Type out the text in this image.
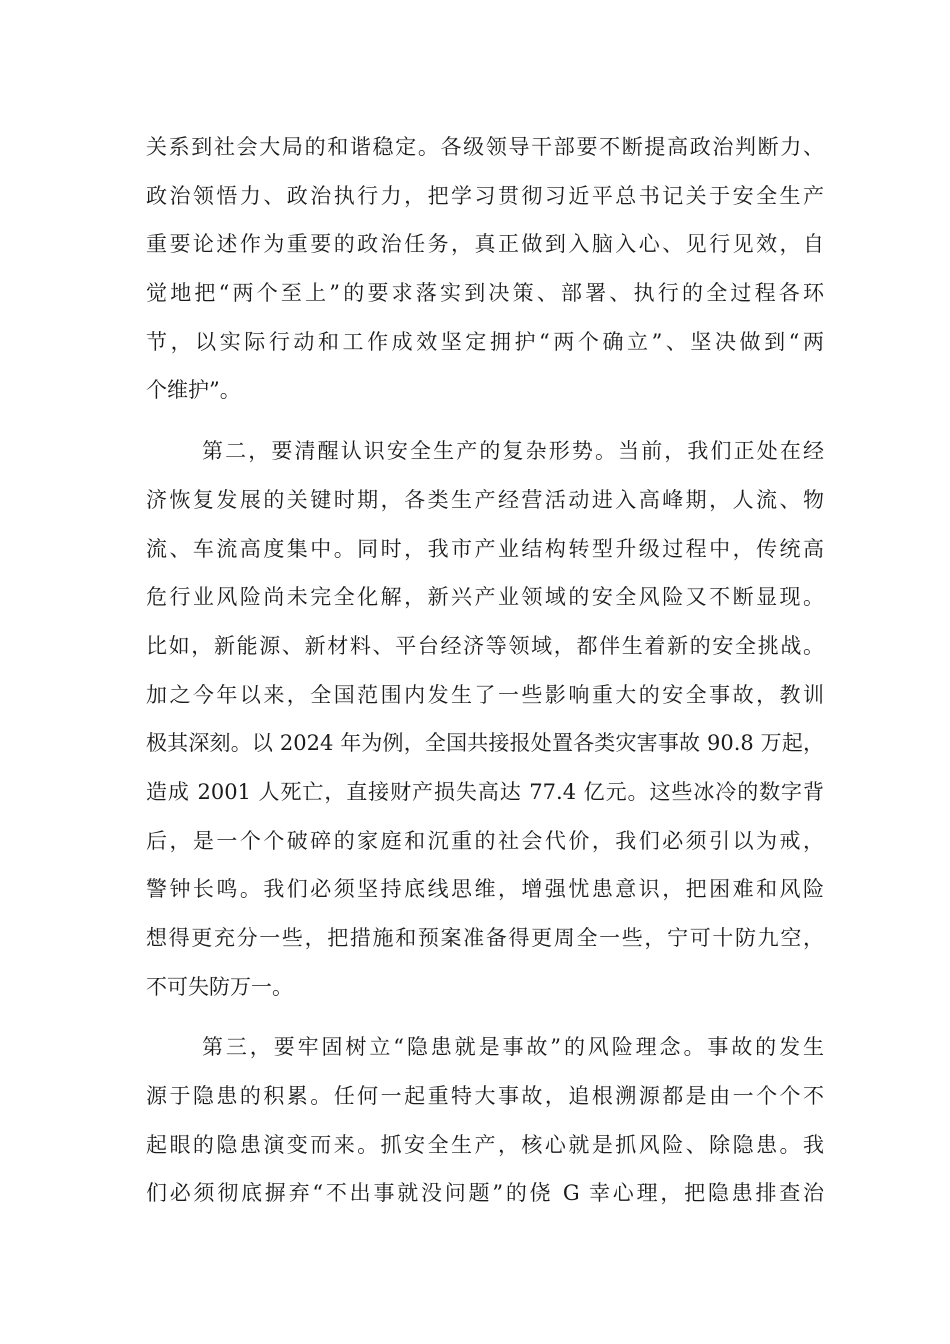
关系到社会大局的和谐稳定。各级领导干部要不断提高政治判断力、
政治领悟力、政治执行力，把学习贯彻习近平总书记关于安全生产
重要论述作为重要的政治任务，真正做到入脑入心、见行见效，自
觉地把“两个至上”的要求落实到决策、部署、执行的全过程各环
节，以实际行动和工作成效坚定拥护“两个确立”、坚决做到“两
个维护”。
第二，要清醒认识安全生产的复杂形势。当前，我们正处在经
济恢复发展的关键时期，各类生产经营活动进入高峰期，人流、物
流、车流高度集中。同时，我市产业结构转型升级过程中，传统高
危行业风险尚未完全化解，新兴产业领域的安全风险又不断显现。
比如，新能源、新材料、平台经济等领域，都伴生着新的安全挑战。
加之今年以来，全国范围内发生了一些影响重大的安全事故，教训
极其深刻。以 2024 年为例，全国共接报处置各类灾害事故 90.8 万起，
造成 2001 人死亡，直接财产损失高达 77.4 亿元。这些冰冷的数字背
后，是一个个破碎的家庭和沉重的社会代价，我们必须引以为戒，
警钟长鸣。我们必须坚持底线思维，增强忧患意识，把困难和风险
想得更充分一些，把措施和预案准备得更周全一些，宁可十防九空，
不可失防万一。
第三，要牢固树立“隐患就是事故”的风险理念。事故的发生
源于隐患的积累。任何一起重特大事故，追根溯源都是由一个个不
起眼的隐患演变而来。抓安全生产，核心就是抓风险、除隐患。我
们必须彻底摒弃“不出事就没问题”的侥 G 幸心理，把隐患排查治
